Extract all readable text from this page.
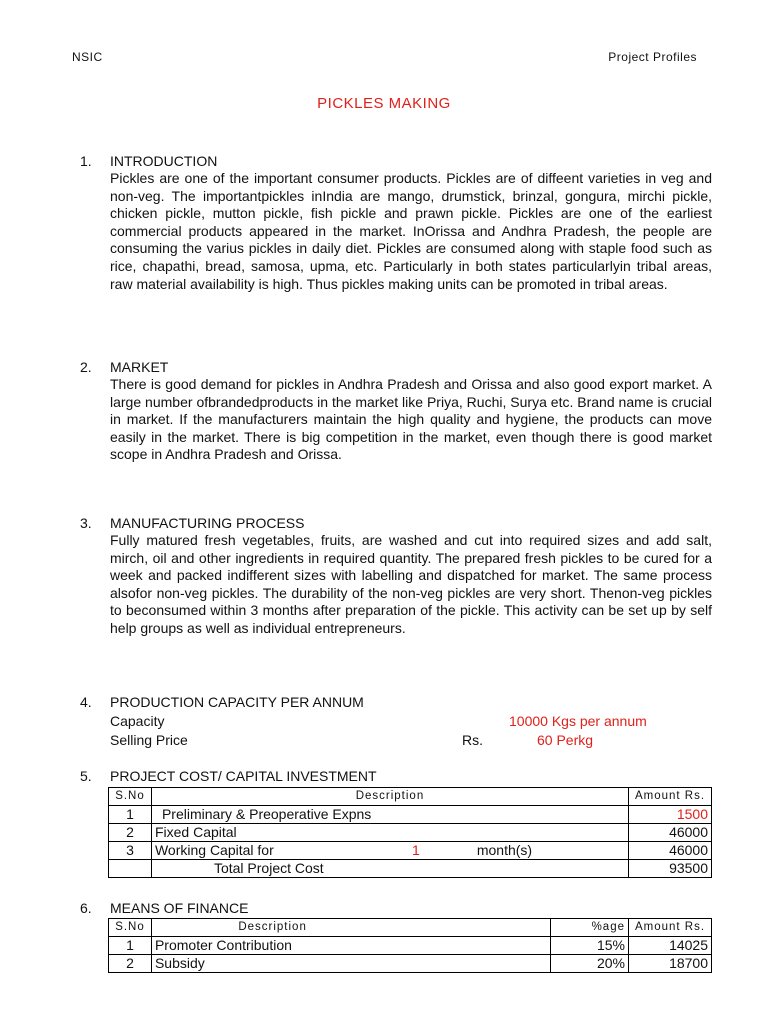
NSIC	Project Profiles
PICKLES MAKING
1. INTRODUCTION
Pickles are one of the important consumer products. Pickles are of diffeent varieties in veg and non-veg. The importantpickles inIndia are mango, drumstick, brinzal, gongura, mirchi pickle, chicken pickle, mutton pickle, fish pickle and prawn pickle. Pickles are one of the earliest commercial products appeared in the market. InOrissa and Andhra Pradesh, the people are consuming the varius pickles in daily diet. Pickles are consumed along with staple food such as rice, chapathi, bread, samosa, upma, etc. Particularly in both states particularlyin tribal areas, raw material availability is high. Thus pickles making units can be promoted in tribal areas.
2. MARKET
There is good demand for pickles in Andhra Pradesh and Orissa and also good export market. A large number ofbrandedproducts in the market like Priya, Ruchi, Surya etc. Brand name is crucial in market. If the manufacturers maintain the high quality and hygiene, the products can move easily in the market. There is big competition in the market, even though there is good market scope in Andhra Pradesh and Orissa.
3. MANUFACTURING PROCESS
Fully matured fresh vegetables, fruits, are washed and cut into required sizes and add salt, mirch, oil and other ingredients in required quantity. The prepared fresh pickles to be cured for a week and packed indifferent sizes with labelling and dispatched for market. The same process alsofor non-veg pickles. The durability of the non-veg pickles are very short. Thenon-veg pickles to beconsumed within 3 months after preparation of the pickle. This activity can be set up by self help groups as well as individual entrepreneurs.
4. PRODUCTION CAPACITY PER ANNUM
Capacity	10000 Kgs per annum
Selling Price	Rs.	60 Perkg
5. PROJECT COST/ CAPITAL INVESTMENT
S.No	Description			Amount Rs.
1	Preliminary & Preoperative Expns			1500
2	Fixed Capital			46000
3	Working Capital for	1	month(s)	46000
	Total Project Cost			93500
6. MEANS OF FINANCE
S.No	Description	%age	Amount Rs.
1	Promoter Contribution	15%	14025
2	Subsidy	20%	18700
